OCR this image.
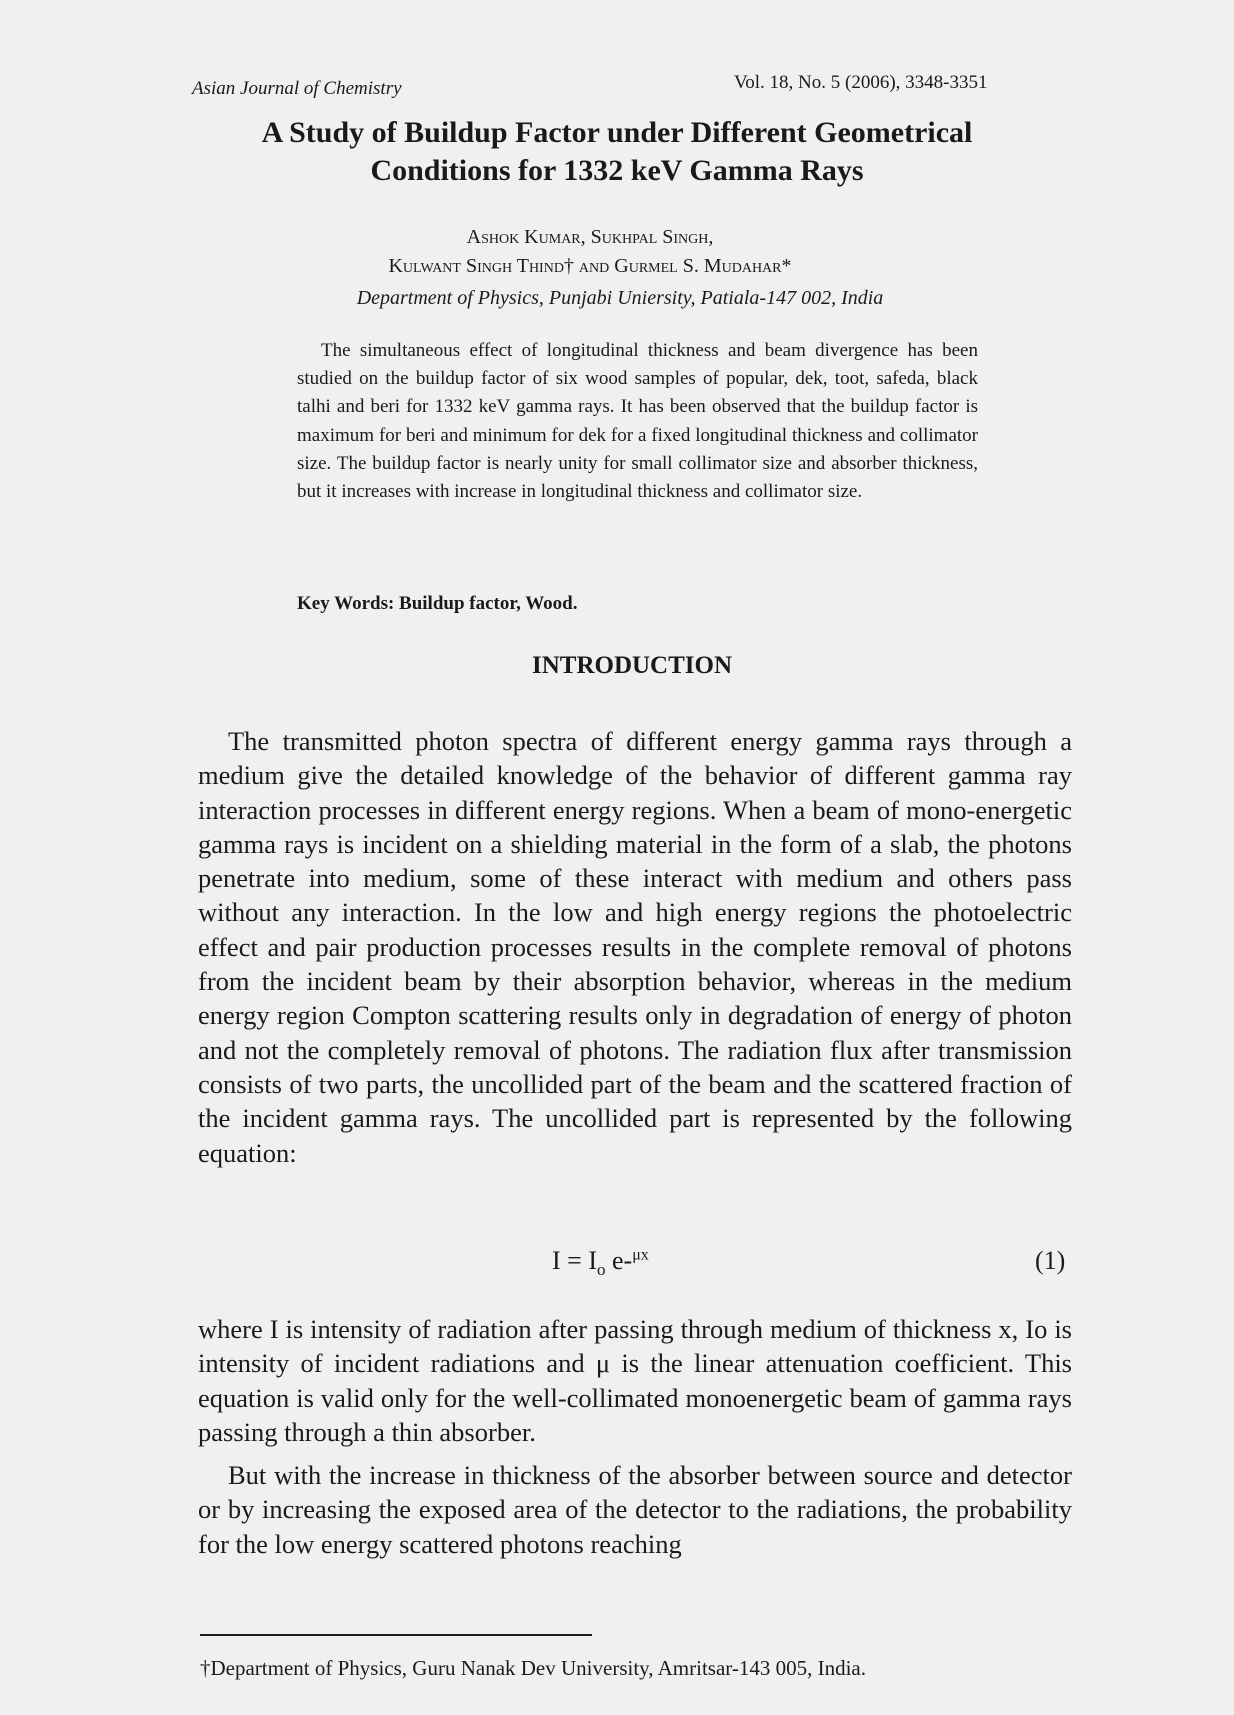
Asian Journal of Chemistry	Vol. 18, No. 5 (2006), 3348-3351
A Study of Buildup Factor under Different Geometrical
Conditions for 1332 keV Gamma Rays
Ashok Kumar, Sukhpal Singh,
Kulwant Singh Thind† and Gurmel S. Mudahar*
Department of Physics, Punjabi Uniersity, Patiala-147 002, India
The simultaneous effect of longitudinal thickness and beam divergence has been studied on the buildup factor of six wood samples of popular, dek, toot, safeda, black talhi and beri for 1332 keV gamma rays. It has been observed that the buildup factor is maximum for beri and minimum for dek for a fixed longitudinal thickness and collimator size. The buildup factor is nearly unity for small collimator size and absorber thickness, but it increases with increase in longitudinal thickness and collimator size.
Key Words: Buildup factor, Wood.
INTRODUCTION
The transmitted photon spectra of different energy gamma rays through a medium give the detailed knowledge of the behavior of different gamma ray interaction processes in different energy regions. When a beam of mono-energetic gamma rays is incident on a shielding material in the form of a slab, the photons penetrate into medium, some of these interact with medium and others pass without any interaction. In the low and high energy regions the photoelectric effect and pair production processes results in the complete removal of photons from the incident beam by their absorption behavior, whereas in the medium energy region Compton scattering results only in degradation of energy of photon and not the completely removal of photons. The radiation flux after transmission consists of two parts, the uncollided part of the beam and the scattered fraction of the incident gamma rays. The uncollided part is represented by the following equation:
$I = I_o$ e-$^{\mu x}$	(1)
where I is intensity of radiation after passing through medium of thickness x, Io is intensity of incident radiations and μ is the linear attenuation coefficient. This equation is valid only for the well-collimated monoenergetic beam of gamma rays passing through a thin absorber.
But with the increase in thickness of the absorber between source and detector or by increasing the exposed area of the detector to the radiations, the probability for the low energy scattered photons reaching
†Department of Physics, Guru Nanak Dev University, Amritsar-143 005, India.
